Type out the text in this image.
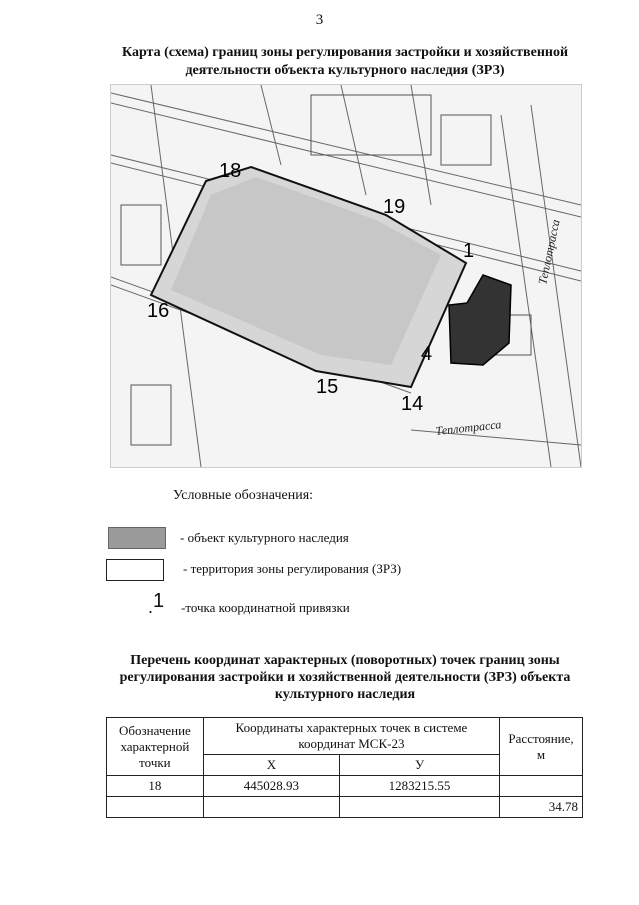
3
Карта (схема) границ зоны регулирования застройки и хозяйственной деятельности объекта культурного наследия (ЗРЗ)
18
19
1
16
4
15
14
Теплотрасса
Теплотрасса
Условные обозначения:
- объект культурного наследия
- территория зоны регулирования (ЗРЗ)
.1 -точка координатной привязки
Перечень координат характерных (поворотных) точек границ зоны регулирования застройки и хозяйственной деятельности (ЗРЗ) объекта культурного наследия
Обозначение характерной точки	Координаты характерных точек в системе координат МСК-23		Расстояние, м
	Х	У	
18	445028.93	1283215.55	
			34.78
